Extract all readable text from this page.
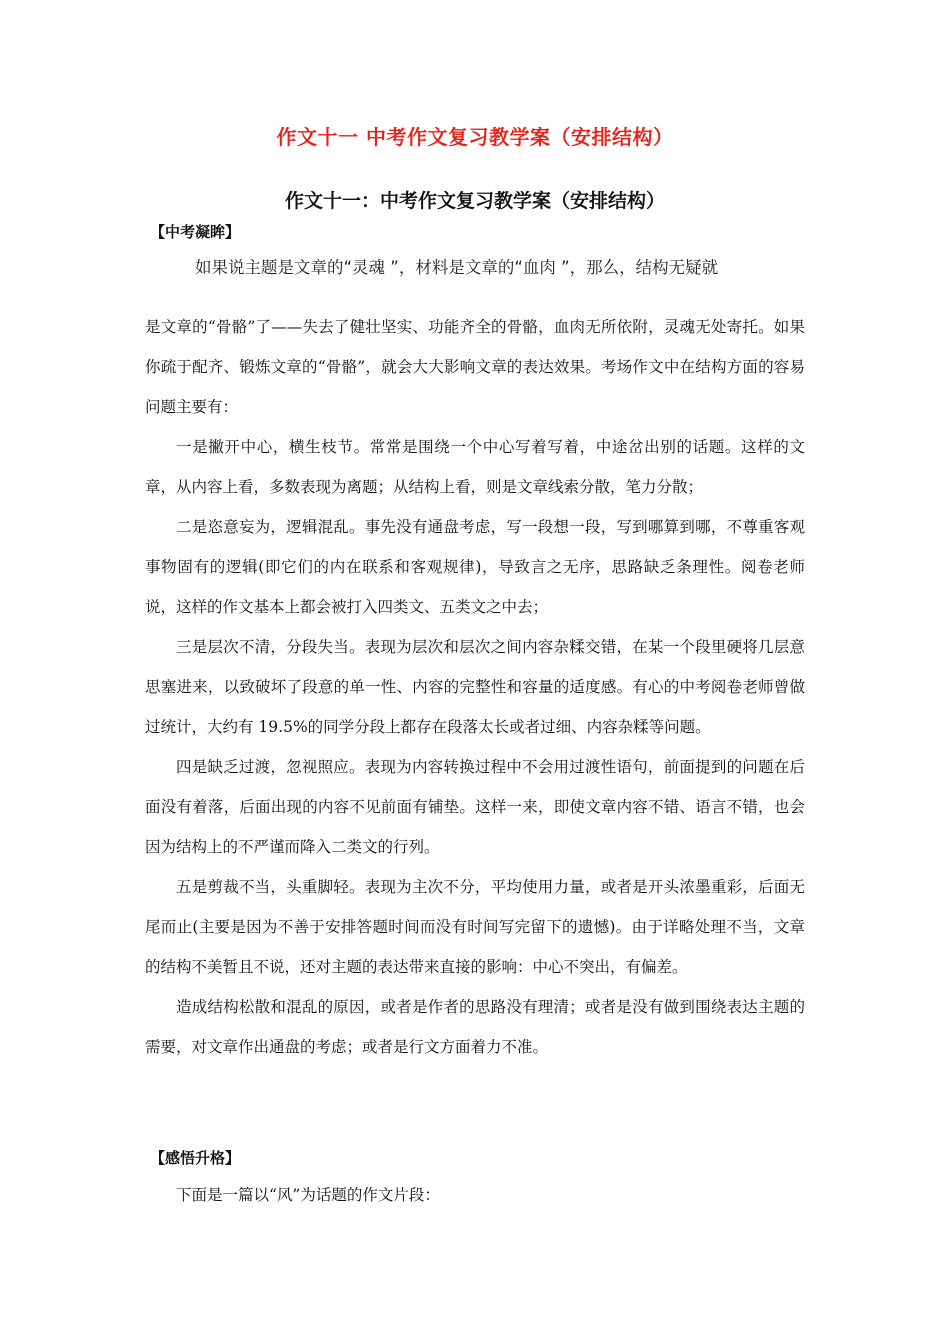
作文十一 中考作文复习教学案（安排结构）
作文十一：中考作文复习教学案（安排结构）
【中考凝眸】
如果说主题是文章的“灵魂 ”，材料是文章的“血肉 ”，那么，结构无疑就

是文章的“骨骼”了——失去了健壮坚实、功能齐全的骨骼，血肉无所依附，灵魂无处寄托。如果你疏于配齐、锻炼文章的“骨骼”，就会大大影响文章的表达效果。考场作文中在结构方面的容易问题主要有：

一是撇开中心，横生枝节。常常是围绕一个中心写着写着，中途岔出别的话题。这样的文章，从内容上看，多数表现为离题；从结构上看，则是文章线索分散，笔力分散；

二是恣意妄为，逻辑混乱。事先没有通盘考虑，写一段想一段，写到哪算到哪，不尊重客观事物固有的逻辑(即它们的内在联系和客观规律)，导致言之无序，思路缺乏条理性。阅卷老师说，这样的作文基本上都会被打入四类文、五类文之中去；

三是层次不清，分段失当。表现为层次和层次之间内容杂糅交错，在某一个段里硬将几层意思塞进来，以致破坏了段意的单一性、内容的完整性和容量的适度感。有心的中考阅卷老师曾做过统计，大约有 19.5%的同学分段上都存在段落太长或者过细、内容杂糅等问题。

四是缺乏过渡，忽视照应。表现为内容转换过程中不会用过渡性语句，前面提到的问题在后面没有着落，后面出现的内容不见前面有铺垫。这样一来，即使文章内容不错、语言不错，也会因为结构上的不严谨而降入二类文的行列。

五是剪裁不当，头重脚轻。表现为主次不分，平均使用力量，或者是开头浓墨重彩，后面无尾而止(主要是因为不善于安排答题时间而没有时间写完留下的遗憾)。由于详略处理不当，文章的结构不美暂且不说，还对主题的表达带来直接的影响：中心不突出，有偏差。

造成结构松散和混乱的原因，或者是作者的思路没有理清；或者是没有做到围绕表达主题的需要，对文章作出通盘的考虑；或者是行文方面着力不准。

【感悟升格】

下面是一篇以“风”为话题的作文片段：
